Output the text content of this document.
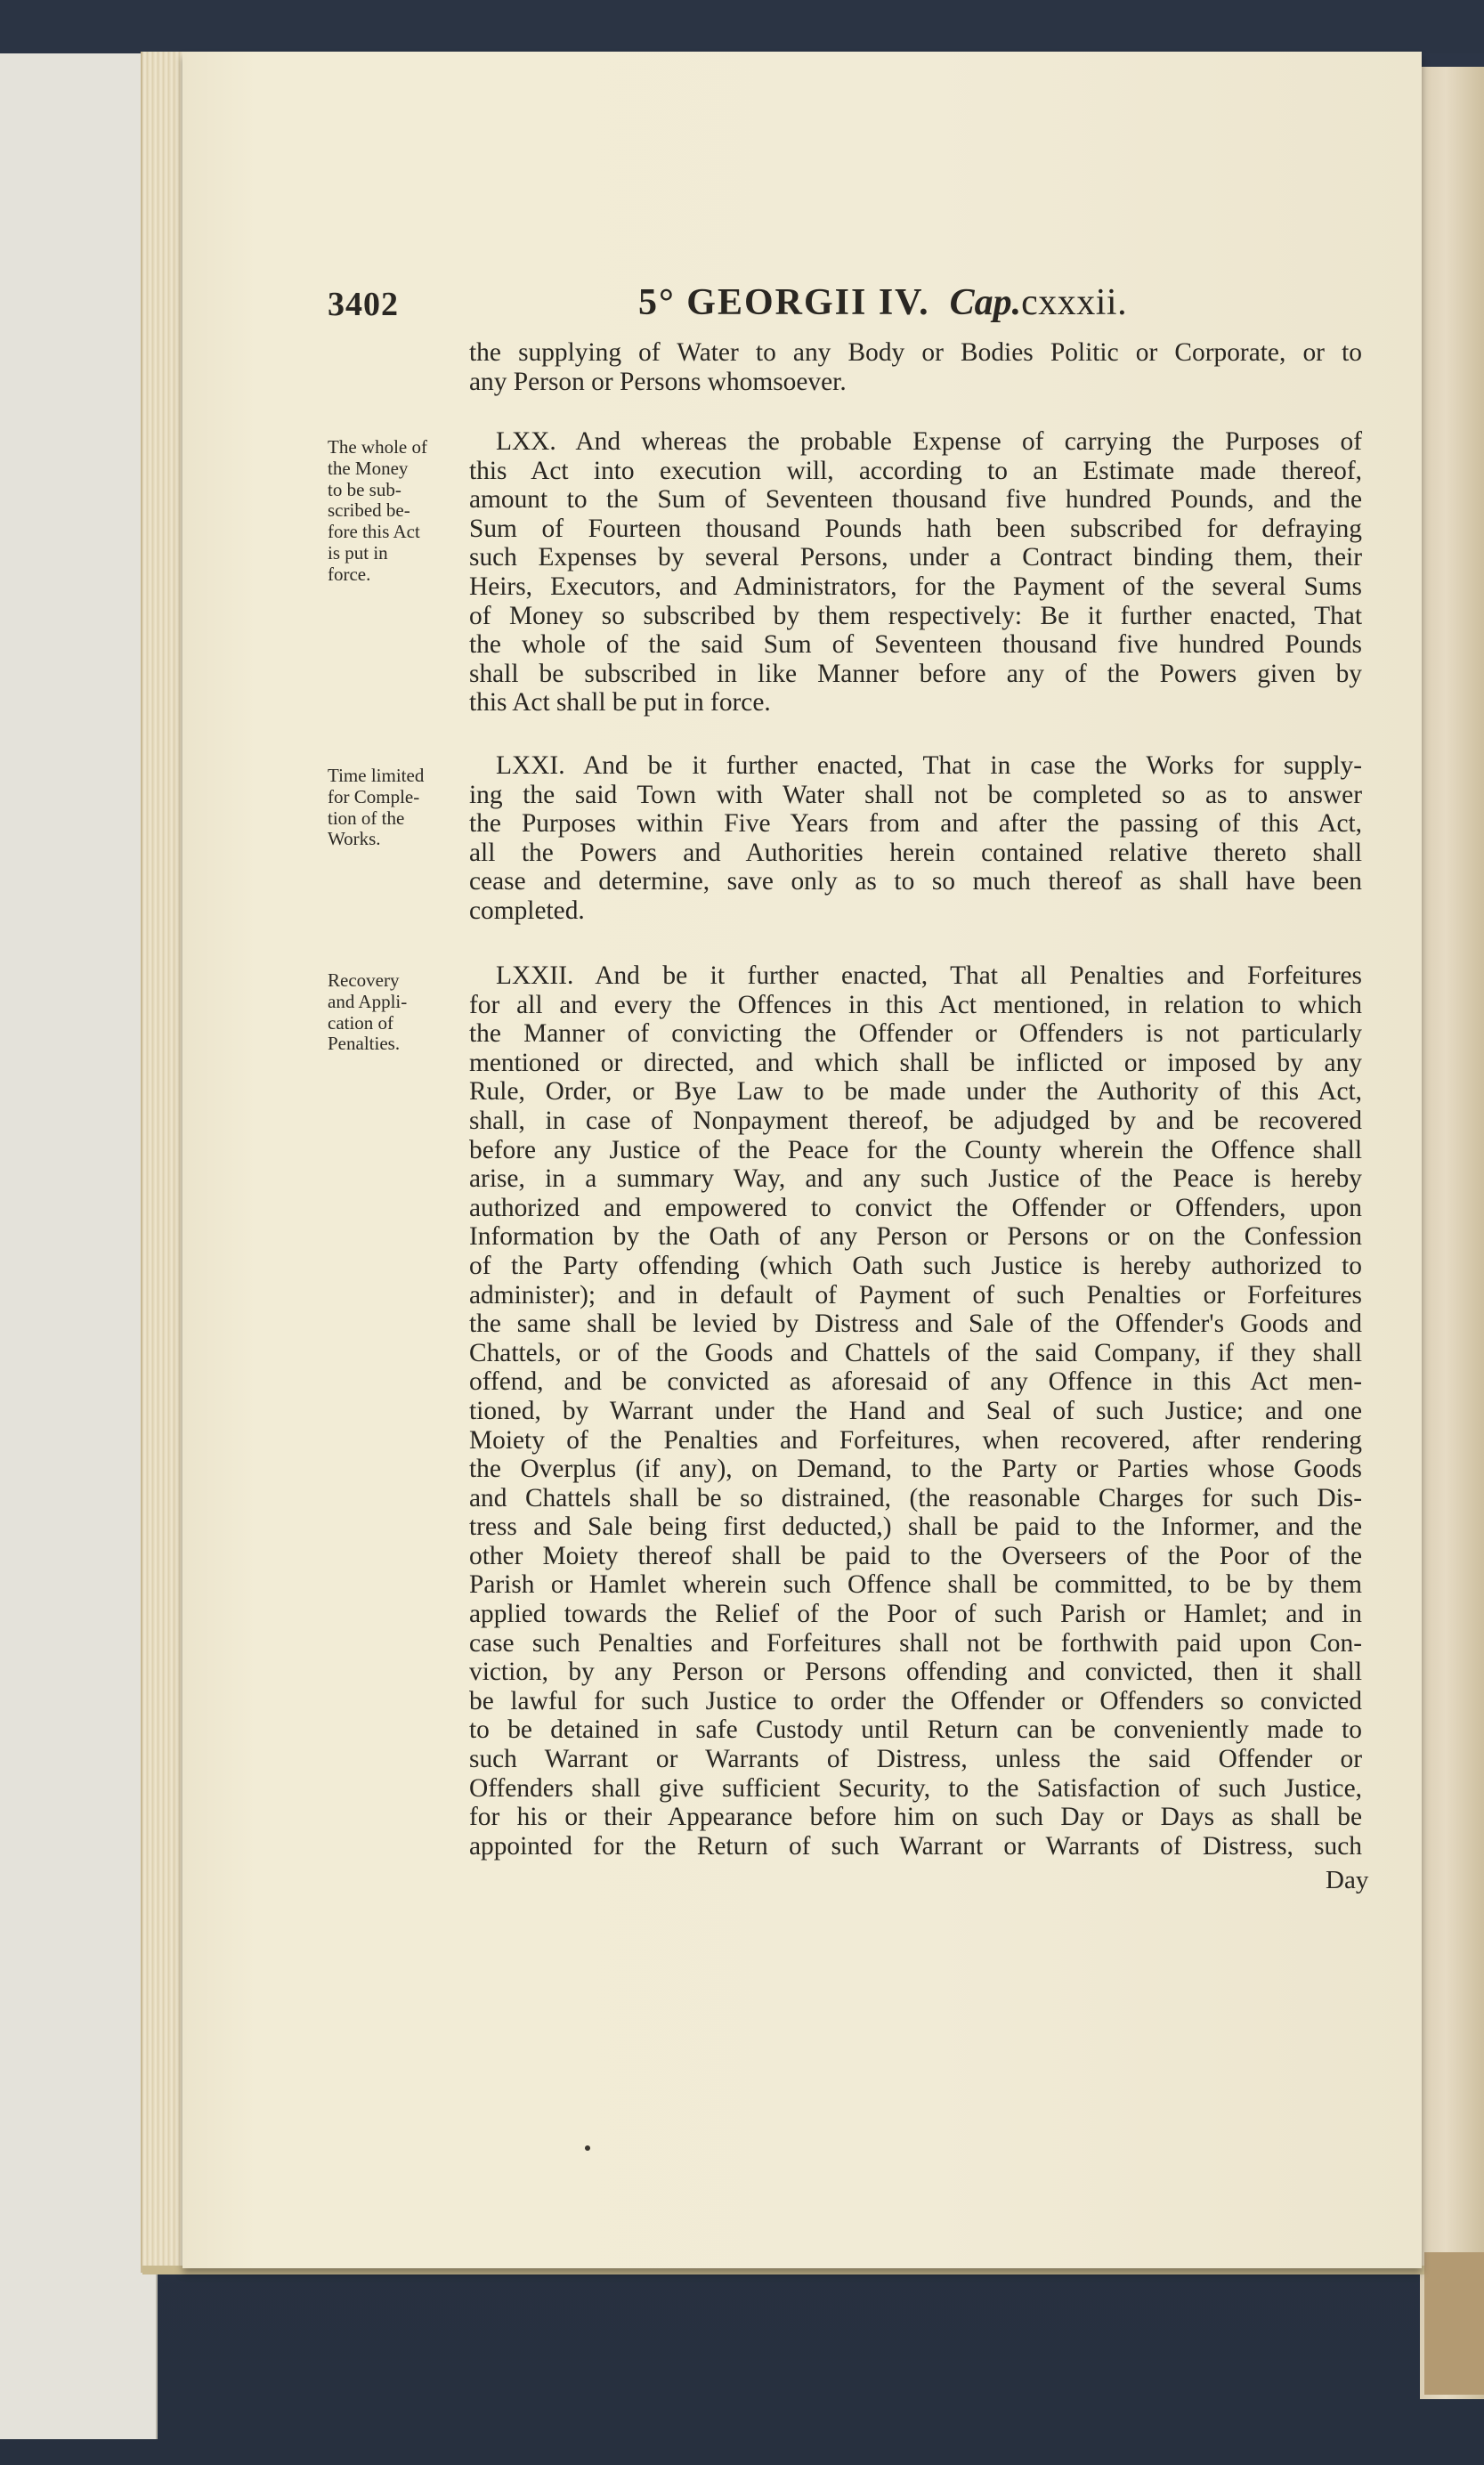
3402	5° GEORGII IV. Cap.cxxxii.
the supplying of Water to any Body or Bodies Politic or Corporate, or to
any Person or Persons whomsoever.
The whole of
the Money
to be sub-
scribed be-
fore this Act
is put in
force.
LXX. And whereas the probable Expense of carrying the Purposes of
this Act into execution will, according to an Estimate made thereof,
amount to the Sum of Seventeen thousand five hundred Pounds, and the
Sum of Fourteen thousand Pounds hath been subscribed for defraying
such Expenses by several Persons, under a Contract binding them, their
Heirs, Executors, and Administrators, for the Payment of the several Sums
of Money so subscribed by them respectively: Be it further enacted, That
the whole of the said Sum of Seventeen thousand five hundred Pounds
shall be subscribed in like Manner before any of the Powers given by
this Act shall be put in force.
Time limited
for Comple-
tion of the
Works.
LXXI. And be it further enacted, That in case the Works for supply-
ing the said Town with Water shall not be completed so as to answer
the Purposes within Five Years from and after the passing of this Act,
all the Powers and Authorities herein contained relative thereto shall
cease and determine, save only as to so much thereof as shall have been
completed.
Recovery
and Appli-
cation of
Penalties.
LXXII. And be it further enacted, That all Penalties and Forfeitures
for all and every the Offences in this Act mentioned, in relation to which
the Manner of convicting the Offender or Offenders is not particularly
mentioned or directed, and which shall be inflicted or imposed by any
Rule, Order, or Bye Law to be made under the Authority of this Act,
shall, in case of Nonpayment thereof, be adjudged by and be recovered
before any Justice of the Peace for the County wherein the Offence shall
arise, in a summary Way, and any such Justice of the Peace is hereby
authorized and empowered to convict the Offender or Offenders, upon
Information by the Oath of any Person or Persons or on the Confession
of the Party offending (which Oath such Justice is hereby authorized to
administer); and in default of Payment of such Penalties or Forfeitures
the same shall be levied by Distress and Sale of the Offender's Goods and
Chattels, or of the Goods and Chattels of the said Company, if they shall
offend, and be convicted as aforesaid of any Offence in this Act men-
tioned, by Warrant under the Hand and Seal of such Justice; and one
Moiety of the Penalties and Forfeitures, when recovered, after rendering
the Overplus (if any), on Demand, to the Party or Parties whose Goods
and Chattels shall be so distrained, (the reasonable Charges for such Dis-
tress and Sale being first deducted,) shall be paid to the Informer, and the
other Moiety thereof shall be paid to the Overseers of the Poor of the
Parish or Hamlet wherein such Offence shall be committed, to be by them
applied towards the Relief of the Poor of such Parish or Hamlet; and in
case such Penalties and Forfeitures shall not be forthwith paid upon Con-
viction, by any Person or Persons offending and convicted, then it shall
be lawful for such Justice to order the Offender or Offenders so convicted
to be detained in safe Custody until Return can be conveniently made to
such Warrant or Warrants of Distress, unless the said Offender or
Offenders shall give sufficient Security, to the Satisfaction of such Justice,
for his or their Appearance before him on such Day or Days as shall be
appointed for the Return of such Warrant or Warrants of Distress, such
Day
